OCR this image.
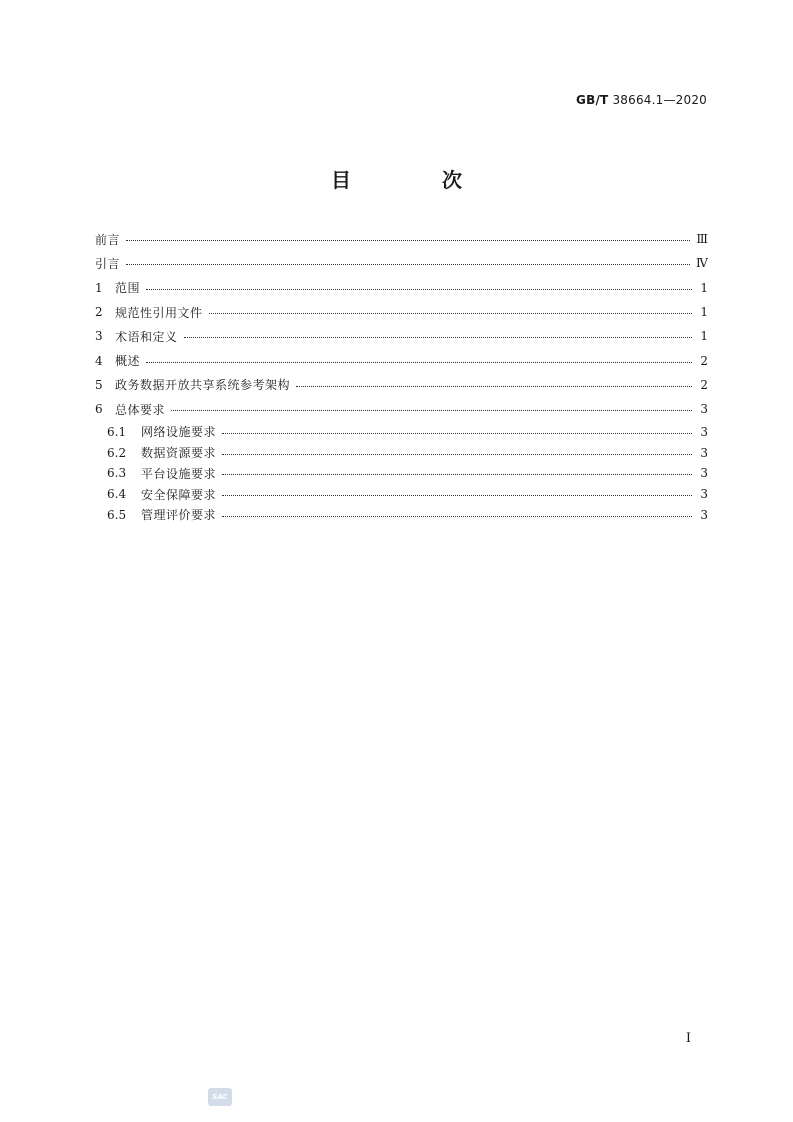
GB/T 38664.1—2020
目 次
前言	Ⅲ
引言	Ⅳ
1	范围	1
2	规范性引用文件	1
3	术语和定义	1
4	概述	2
5	政务数据开放共享系统参考架构	2
6	总体要求	3
6.1	网络设施要求	3
6.2	数据资源要求	3
6.3	平台设施要求	3
6.4	安全保障要求	3
6.5	管理评价要求	3
I
SAC
